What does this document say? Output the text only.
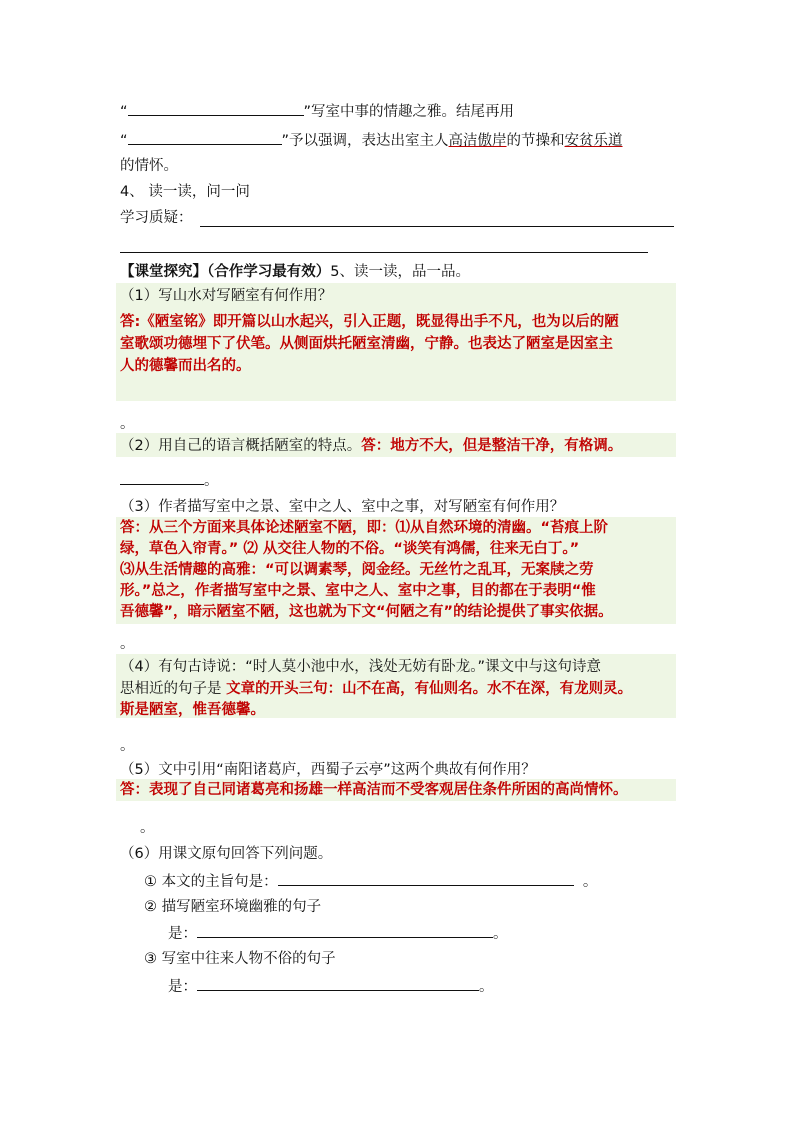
“	”写室中事的情趣之雅。结尾再用
“	”予以强调，表达出室主人高洁傲岸的节操和安贫乐道
的情怀。
4、 读一读，问一问
学习质疑：
【课堂探究】（合作学习最有效）5、读一读，品一品。
（1）写山水对写陋室有何作用？
答:《陋室铭》即开篇以山水起兴，引入正题，既显得出手不凡，也为以后的陋
室歌颂功德埋下了伏笔。从侧面烘托陋室清幽，宁静。也表达了陋室是因室主
人的德馨而出名的。
。
（2）用自己的语言概括陋室的特点。答：地方不大，但是整洁干净，有格调。
。
（3）作者描写室中之景、室中之人、室中之事，对写陋室有何作用？
答：从三个方面来具体论述陋室不陋，即：⑴从自然环境的清幽。“苔痕上阶
绿，草色入帘青。” ⑵ 从交往人物的不俗。“谈笑有鸿儒，往来无白丁。”
⑶从生活情趣的高雅：“可以调素琴，阅金经。无丝竹之乱耳，无案牍之劳
形。”总之，作者描写室中之景、室中之人、室中之事，目的都在于表明“惟
吾德馨”，暗示陋室不陋，这也就为下文“何陋之有”的结论提供了事实依据。
。
（4）有句古诗说：“时人莫小池中水，浅处无妨有卧龙。”课文中与这句诗意
思相近的句子是 文章的开头三句：山不在高，有仙则名。水不在深，有龙则灵。
斯是陋室，惟吾德馨。
。
（5）文中引用“南阳诸葛庐，西蜀子云亭”这两个典故有何作用？
答：表现了自己同诸葛亮和扬雄一样高洁而不受客观居住条件所困的高尚情怀。
。
（6）用课文原句回答下列问题。
① 本文的主旨句是：	。
② 描写陋室环境幽雅的句子
是：	。
③ 写室中往来人物不俗的句子
是：	。
